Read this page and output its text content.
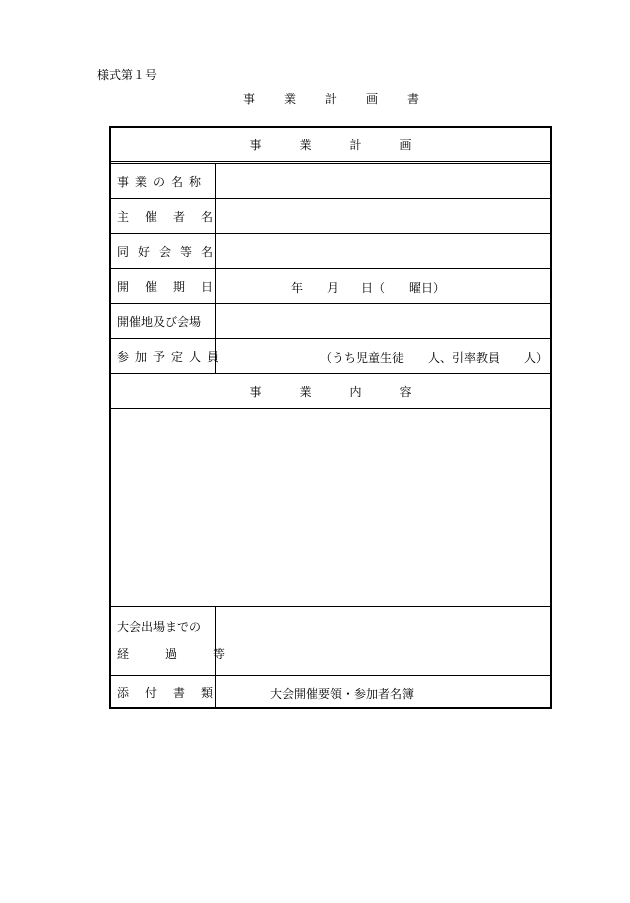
様式第１号
事業計画書
事業計画
事業の名称
主催者名
同好会等名
開催期日	年 月 日（ 曜日）
開催地及び会場
参加予定人員	（うち児童生徒　　人、引率教員　　人）
事業内容
大会出場までの
経過等
添付書類	大会開催要領・参加者名簿
